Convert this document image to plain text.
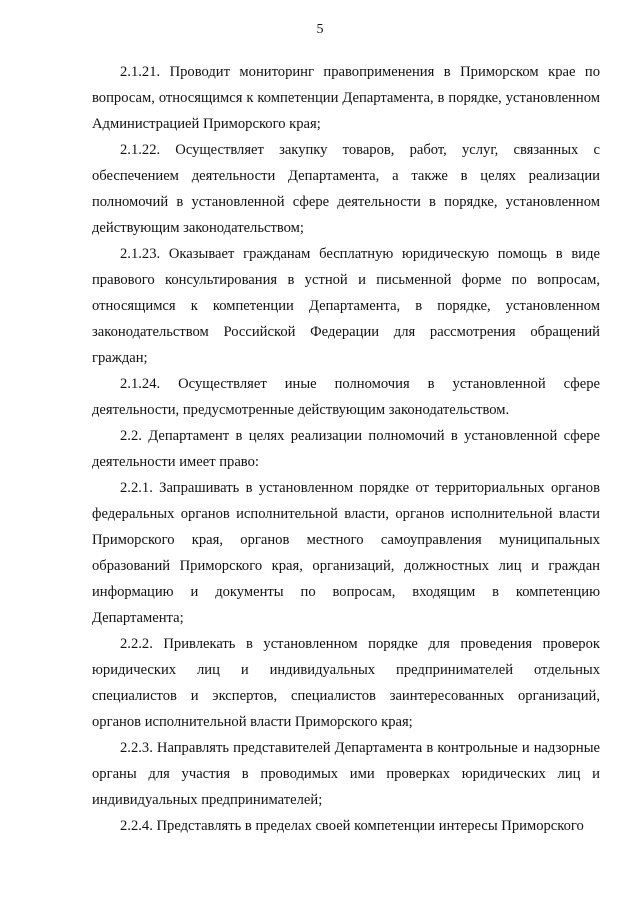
5

2.1.21. Проводит мониторинг правоприменения в Приморском крае по вопросам, относящимся к компетенции Департамента, в порядке, установленном Администрацией Приморского края;

2.1.22. Осуществляет закупку товаров, работ, услуг, связанных с обеспечением деятельности Департамента, а также в целях реализации полномочий в установленной сфере деятельности в порядке, установленном действующим законодательством;

2.1.23. Оказывает гражданам бесплатную юридическую помощь в виде правового консультирования в устной и письменной форме по вопросам, относящимся к компетенции Департамента, в порядке, установленном законодательством Российской Федерации для рассмотрения обращений граждан;

2.1.24. Осуществляет иные полномочия в установленной сфере деятельности, предусмотренные действующим законодательством.

2.2. Департамент в целях реализации полномочий в установленной сфере деятельности имеет право:

2.2.1. Запрашивать в установленном порядке от территориальных органов федеральных органов исполнительной власти, органов исполнительной власти Приморского края, органов местного самоуправления муниципальных образований Приморского края, организаций, должностных лиц и граждан информацию и документы по вопросам, входящим в компетенцию Департамента;

2.2.2. Привлекать в установленном порядке для проведения проверок юридических лиц и индивидуальных предпринимателей отдельных специалистов и экспертов, специалистов заинтересованных организаций, органов исполнительной власти Приморского края;

2.2.3. Направлять представителей Департамента в контрольные и надзорные органы для участия в проводимых ими проверках юридических лиц и индивидуальных предпринимателей;

2.2.4. Представлять в пределах своей компетенции интересы Приморского
